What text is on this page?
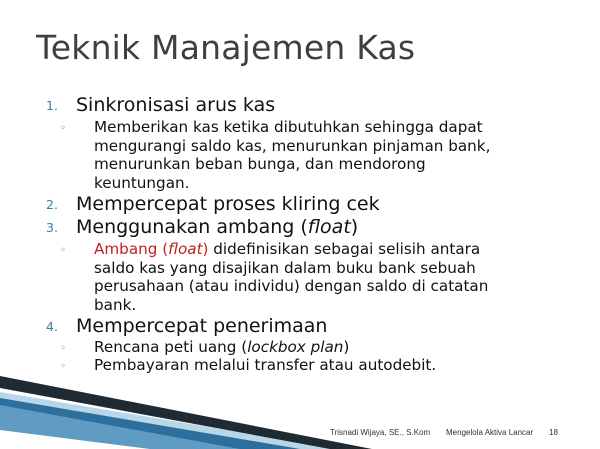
Teknik Manajemen Kas
1. Sinkronisasi arus kas
◦ Memberikan kas ketika dibutuhkan sehingga dapat
mengurangi saldo kas, menurunkan pinjaman bank,
menurunkan beban bunga, dan mendorong
keuntungan.
2. Mempercepat proses kliring cek
3. Menggunakan ambang (float)
◦ Ambang (float) didefinisikan sebagai selisih antara
saldo kas yang disajikan dalam buku bank sebuah
perusahaan (atau individu) dengan saldo di catatan
bank.
4. Mempercepat penerimaan
◦ Rencana peti uang (lockbox plan)
◦ Pembayaran melalui transfer atau autodebit.
Trisnadi Wijaya, SE., S.Kom Mengelola Aktiva Lancar 18
